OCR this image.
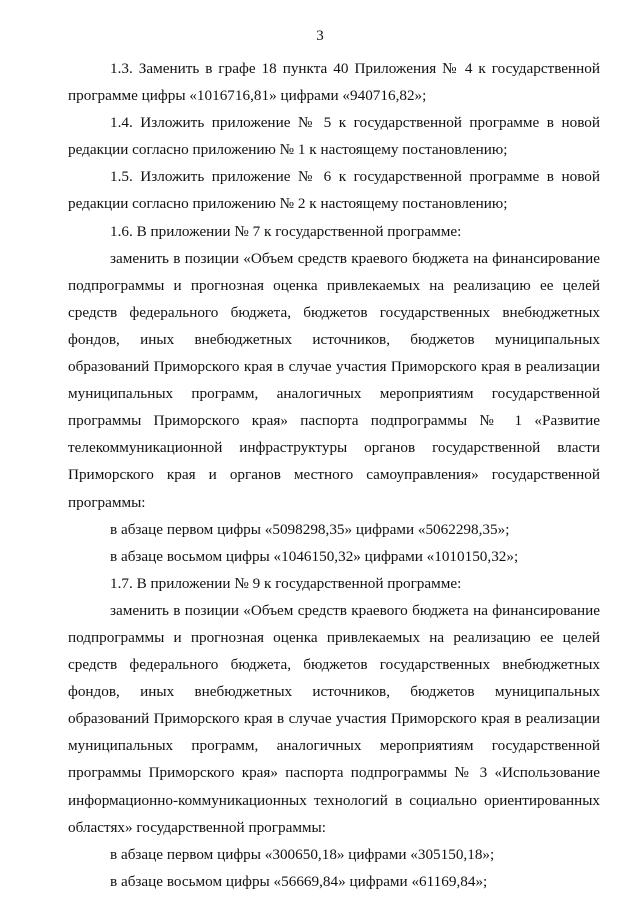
3

1.3. Заменить в графе 18 пункта 40 Приложения № 4 к государственной программе цифры «1016716,81» цифрами «940716,82»;

1.4. Изложить приложение № 5 к государственной программе в новой редакции согласно приложению № 1 к настоящему постановлению;

1.5. Изложить приложение № 6 к государственной программе в новой редакции согласно приложению № 2 к настоящему постановлению;

1.6. В приложении № 7 к государственной программе:

заменить в позиции «Объем средств краевого бюджета на финансирование подпрограммы и прогнозная оценка привлекаемых на реализацию ее целей средств федерального бюджета, бюджетов государственных внебюджетных фондов, иных внебюджетных источников, бюджетов муниципальных образований Приморского края в случае участия Приморского края в реализации муниципальных программ, аналогичных мероприятиям государственной программы Приморского края» паспорта подпрограммы № 1 «Развитие телекоммуникационной инфраструктуры органов государственной власти Приморского края и органов местного самоуправления» государственной программы:

в абзаце первом цифры «5098298,35» цифрами «5062298,35»;

в абзаце восьмом цифры «1046150,32» цифрами «1010150,32»;

1.7. В приложении № 9 к государственной программе:

заменить в позиции «Объем средств краевого бюджета на финансирование подпрограммы и прогнозная оценка привлекаемых на реализацию ее целей средств федерального бюджета, бюджетов государственных внебюджетных фондов, иных внебюджетных источников, бюджетов муниципальных образований Приморского края в случае участия Приморского края в реализации муниципальных программ, аналогичных мероприятиям государственной программы Приморского края» паспорта подпрограммы № 3 «Использование информационно-коммуникационных технологий в социально ориентированных областях» государственной программы:

в абзаце первом цифры «300650,18» цифрами «305150,18»;

в абзаце восьмом цифры «56669,84» цифрами «61169,84»;
